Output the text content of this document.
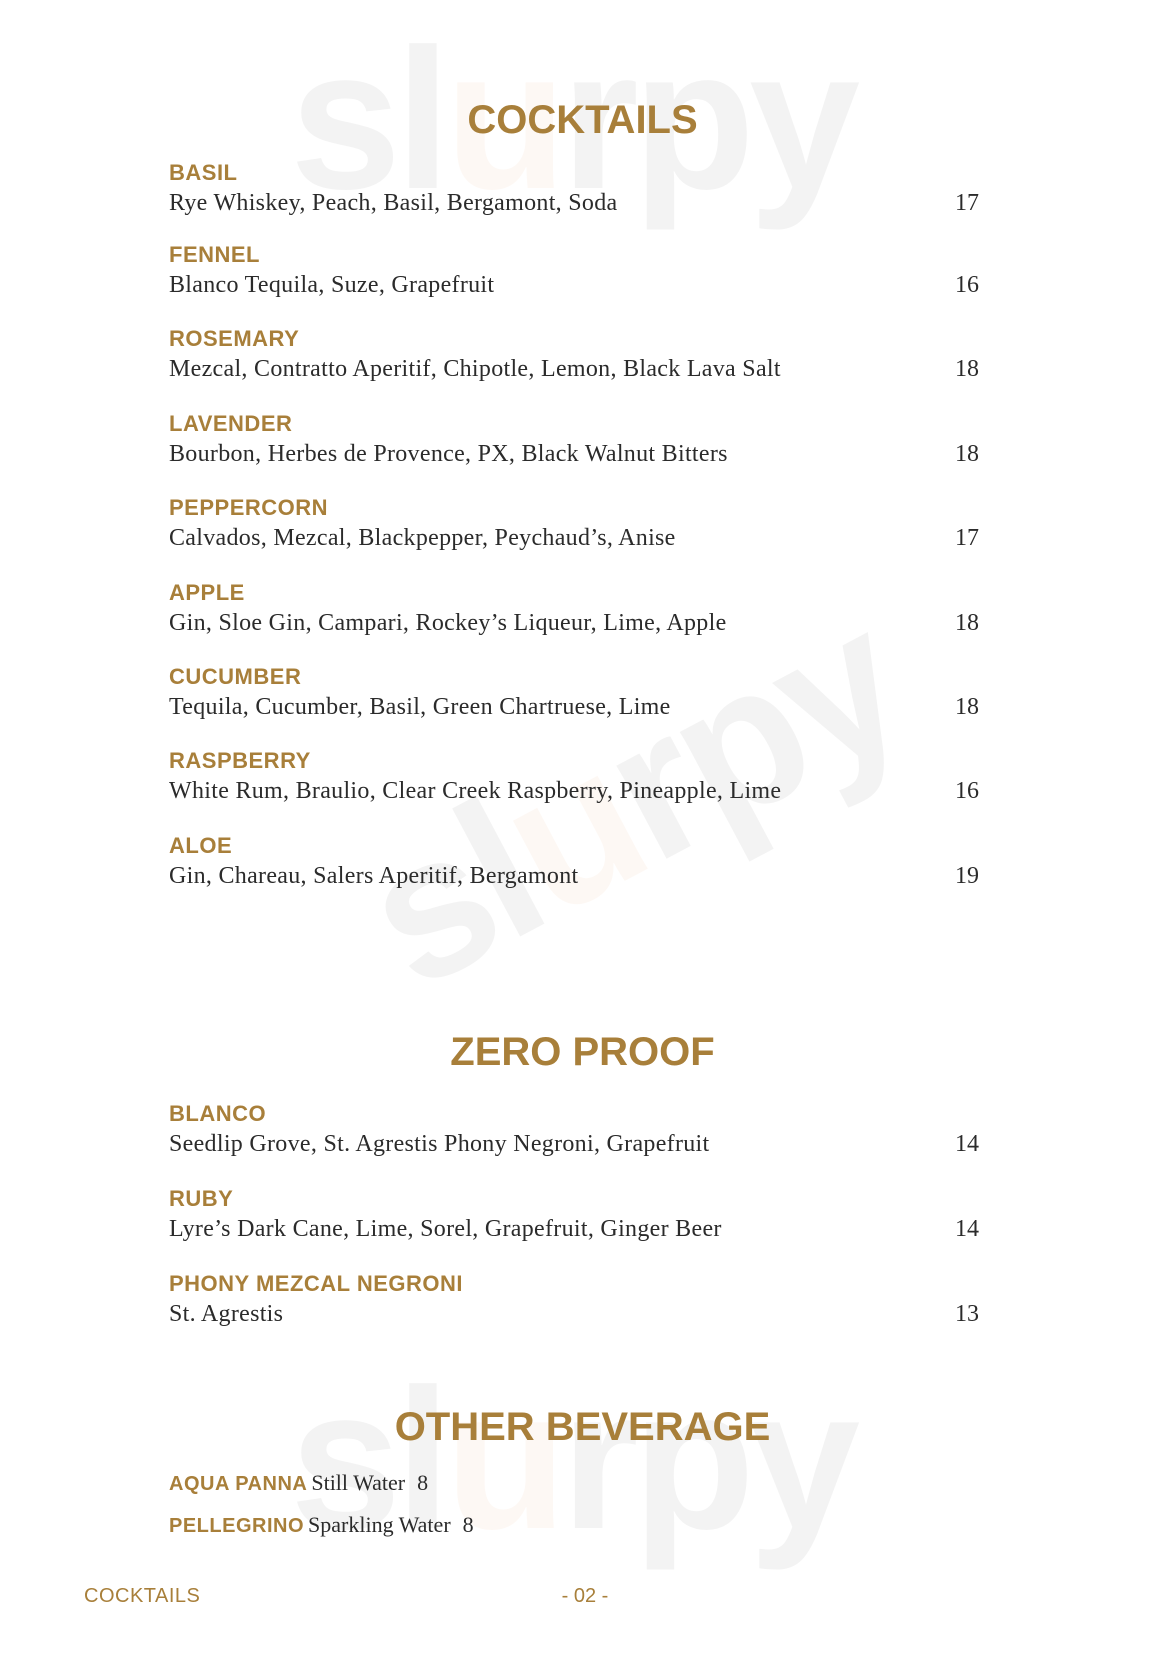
COCKTAILS
BASIL
Rye Whiskey, Peach, Basil, Bergamont, Soda	17
FENNEL
Blanco Tequila, Suze, Grapefruit	16
ROSEMARY
Mezcal, Contratto Aperitif, Chipotle, Lemon, Black Lava Salt	18
LAVENDER
Bourbon, Herbes de Provence, PX, Black Walnut Bitters	18
PEPPERCORN
Calvados, Mezcal, Blackpepper, Peychaud’s, Anise	17
APPLE
Gin, Sloe Gin, Campari, Rockey’s Liqueur, Lime, Apple	18
CUCUMBER
Tequila, Cucumber, Basil, Green Chartruese, Lime	18
RASPBERRY
White Rum, Braulio, Clear Creek Raspberry, Pineapple, Lime	16
ALOE
Gin, Chareau, Salers Aperitif, Bergamont	19
ZERO PROOF
BLANCO
Seedlip Grove, St. Agrestis Phony Negroni, Grapefruit	14
RUBY
Lyre’s Dark Cane, Lime, Sorel, Grapefruit, Ginger Beer	14
PHONY MEZCAL NEGRONI
St. Agrestis	13
OTHER BEVERAGE
AQUA PANNA Still Water 8
PELLEGRINO Sparkling Water 8
COCKTAILS	- 02 -
